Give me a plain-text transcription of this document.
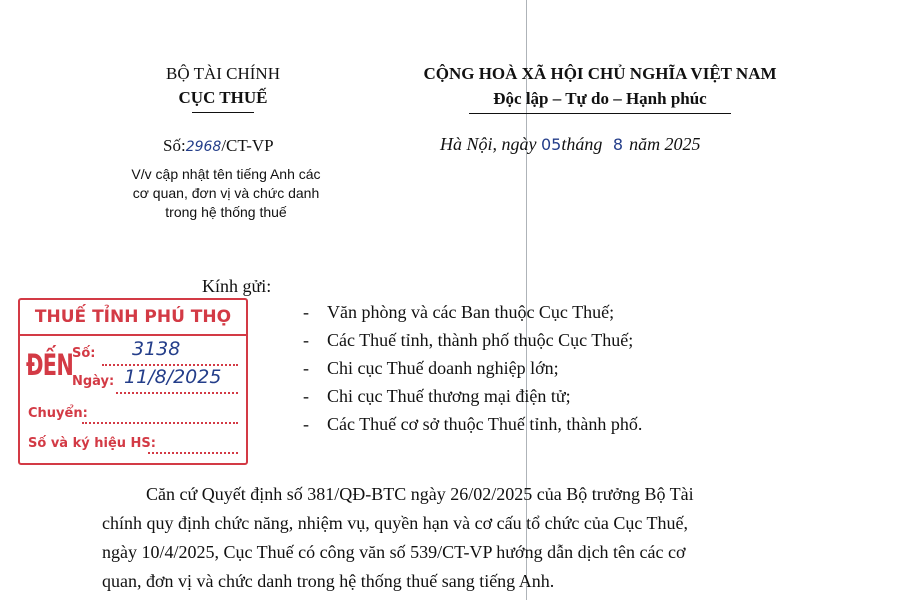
BỘ TÀI CHÍNH
CỤC THUẾ
CỘNG HOÀ XÃ HỘI CHỦ NGHĨA VIỆT NAM
Độc lập – Tự do – Hạnh phúc
Số:2968/CT-VP	Hà Nội, ngày 05tháng 8 năm 2025
V/v cập nhật tên tiếng Anh các
cơ quan, đơn vị và chức danh
trong hệ thống thuế
Kính gửi:
- Văn phòng và các Ban thuộc Cục Thuế;
- Các Thuế tỉnh, thành phố thuộc Cục Thuế;
- Chi cục Thuế doanh nghiệp lớn;
- Chi cục Thuế thương mại điện tử;
- Các Thuế cơ sở thuộc Thuế tỉnh, thành phố.
Căn cứ Quyết định số 381/QĐ-BTC ngày 26/02/2025 của Bộ trưởng Bộ Tài
chính quy định chức năng, nhiệm vụ, quyền hạn và cơ cấu tổ chức của Cục Thuế,
ngày 10/4/2025, Cục Thuế có công văn số 539/CT-VP hướng dẫn dịch tên các cơ
quan, đơn vị và chức danh trong hệ thống thuế sang tiếng Anh.
THUẾ TỈNH PHÚ THỌ
ĐẾN
Số: 3138
Ngày: 11/8/2025
Chuyển:
Số và ký hiệu HS:
